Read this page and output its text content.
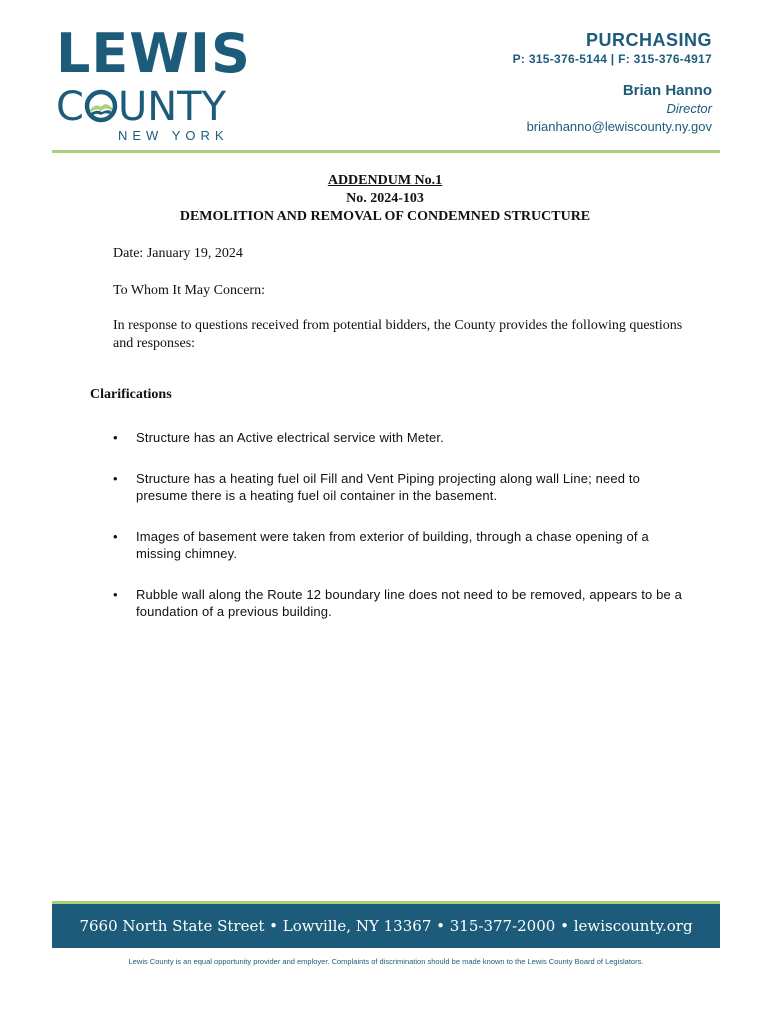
LEWIS
C UNTY
NEW YORK
PURCHASING
P: 315-376-5144 | F: 315-376-4917
Brian Hanno
Director
brianhanno@lewiscounty.ny.gov
ADDENDUM No.1
No. 2024-103
DEMOLITION AND REMOVAL OF CONDEMNED STRUCTURE
Date: January 19, 2024
To Whom It May Concern:
In response to questions received from potential bidders, the County provides the following questions and responses:
Clarifications
• Structure has an Active electrical service with Meter.
• Structure has a heating fuel oil Fill and Vent Piping projecting along wall Line; need to presume there is a heating fuel oil container in the basement.
• Images of basement were taken from exterior of building, through a chase opening of a missing chimney.
• Rubble wall along the Route 12 boundary line does not need to be removed, appears to be a foundation of a previous building.
7660 North State Street • Lowville, NY 13367 • 315-377-2000 • lewiscounty.org
Lewis County is an equal opportunity provider and employer. Complaints of discrimination should be made known to the Lewis County Board of Legislators.
